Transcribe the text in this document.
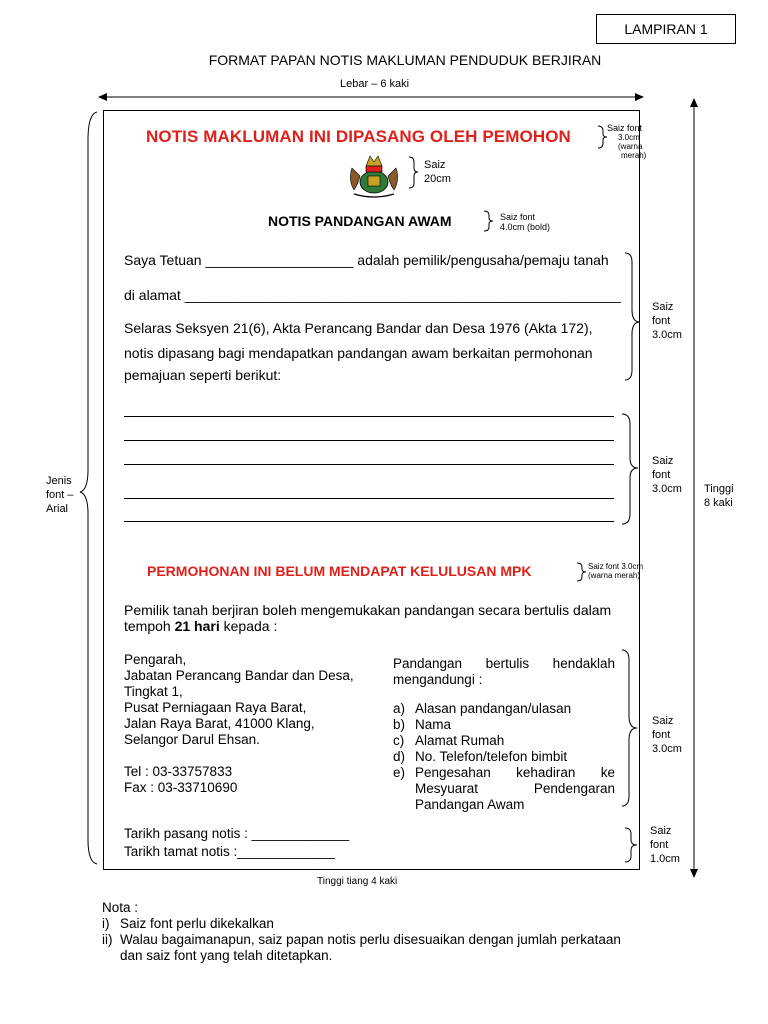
LAMPIRAN 1
FORMAT PAPAN NOTIS MAKLUMAN PENDUDUK BERJIRAN
Lebar – 6 kaki
NOTIS MAKLUMAN INI DIPASANG OLEH PEMOHON
NOTIS PANDANGAN AWAM
Saya Tetuan ___________________ adalah pemilik/pengusaha/pemaju tanah
di alamat ________________________________________________________
Selaras Seksyen 21(6), Akta Perancang Bandar dan Desa 1976 (Akta 172),
notis dipasang bagi mendapatkan pandangan awam berkaitan permohonan
pemajuan seperti berikut:
PERMOHONAN INI BELUM MENDAPAT KELULUSAN MPK
Pemilik tanah berjiran boleh mengemukakan pandangan secara bertulis dalam
tempoh 21 hari kepada :
Pengarah,
Jabatan Perancang Bandar dan Desa,
Tingkat 1,
Pusat Perniagaan Raya Barat,
Jalan Raya Barat, 41000 Klang,
Selangor Darul Ehsan.
Tel : 03-33757833
Fax : 03-33710690
Pandangan bertulis hendaklah
mengandungi :
a) Alasan pandangan/ulasan
b) Nama
c) Alamat Rumah
d) No. Telefon/telefon bimbit
e) Pengesahan kehadiran ke
Mesyuarat Pendengaran
Pandangan Awam
Tarikh pasang notis : _____________
Tarikh tamat notis :_____________
Saiz font
3.0cm
(warna
merah)
Saiz
20cm
Saiz font
4.0cm (bold)
Saiz
font
3.0cm
Saiz
font
3.0cm
Saiz font 3.0cm
(warna merah)
Saiz
font
3.0cm
Saiz
font
1.0cm
Jenis
font –
Arial
Tinggi
8 kaki
Tinggi tiang 4 kaki
Nota :
i) Saiz font perlu dikekalkan
ii) Walau bagaimanapun, saiz papan notis perlu disesuaikan dengan jumlah perkataan
dan saiz font yang telah ditetapkan.
